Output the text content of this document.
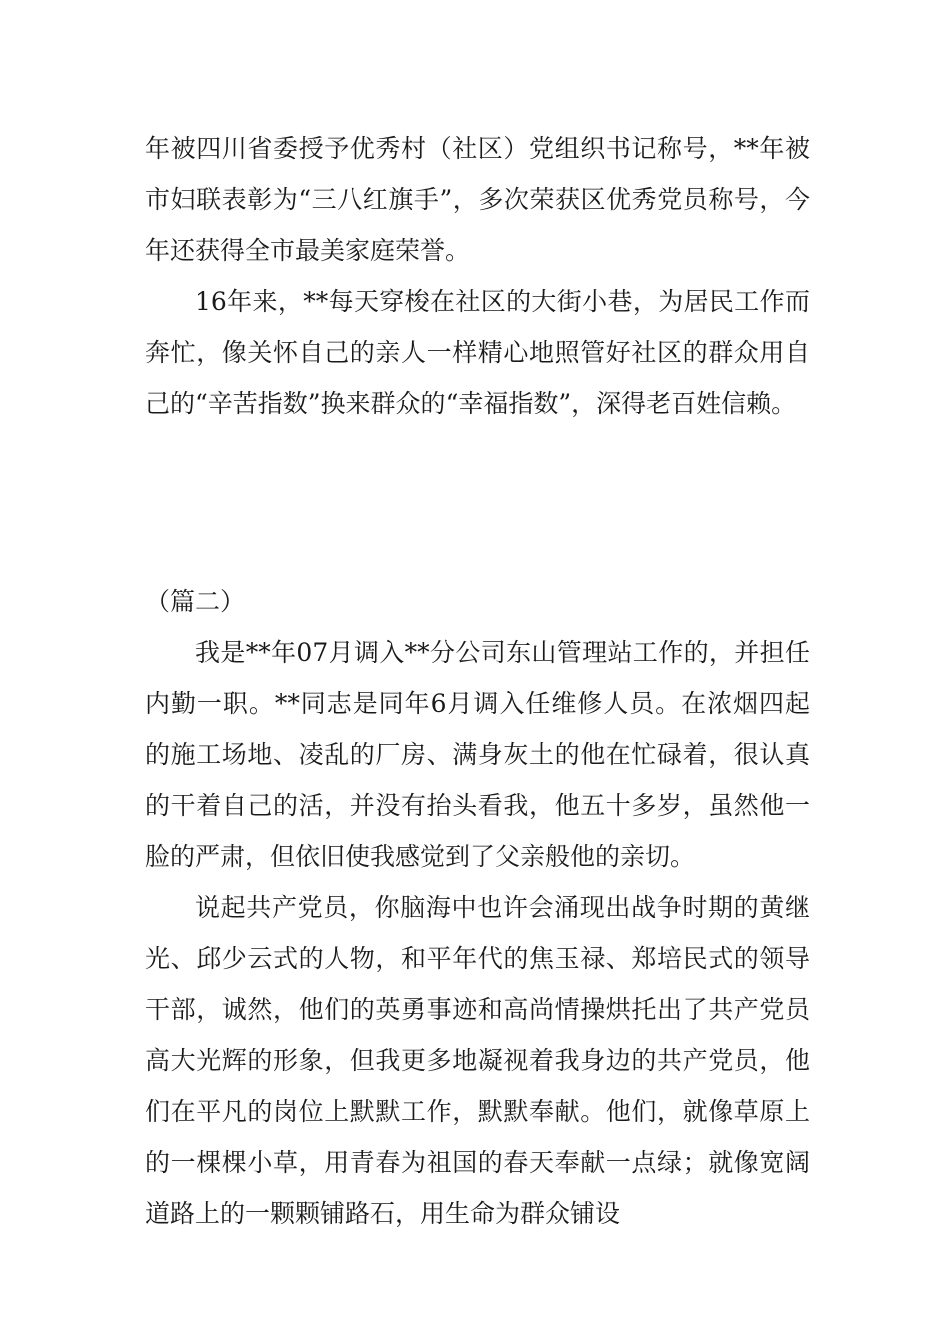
年被四川省委授予优秀村（社区）党组织书记称号，**年被市妇联表彰为“三八红旗手”，多次荣获区优秀党员称号，今年还获得全市最美家庭荣誉。

16年来，**每天穿梭在社区的大街小巷，为居民工作而奔忙，像关怀自己的亲人一样精心地照管好社区的群众用自己的“辛苦指数”换来群众的“幸福指数”，深得老百姓信赖。

（篇二）

我是**年07月调入**分公司东山管理站工作的，并担任内勤一职。**同志是同年6月调入任维修人员。在浓烟四起的施工场地、凌乱的厂房、满身灰土的他在忙碌着，很认真的干着自己的活，并没有抬头看我，他五十多岁，虽然他一脸的严肃，但依旧使我感觉到了父亲般他的亲切。

说起共产党员，你脑海中也许会涌现出战争时期的黄继光、邱少云式的人物，和平年代的焦玉禄、郑培民式的领导干部，诚然，他们的英勇事迹和高尚情操烘托出了共产党员高大光辉的形象，但我更多地凝视着我身边的共产党员，他们在平凡的岗位上默默工作，默默奉献。他们，就像草原上的一棵棵小草，用青春为祖国的春天奉献一点绿；就像宽阔道路上的一颗颗铺路石，用生命为群众铺设
